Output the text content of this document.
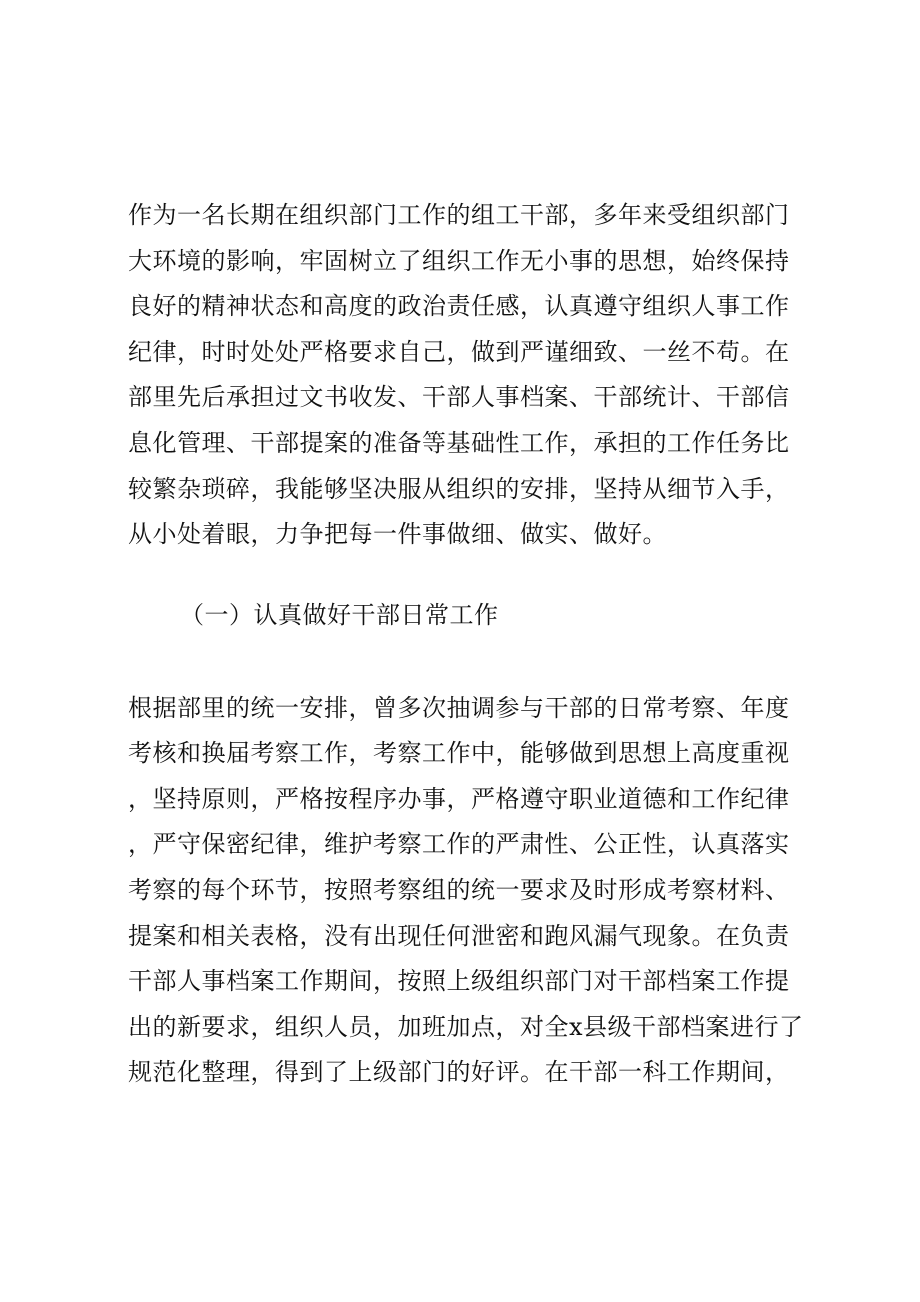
作为一名长期在组织部门工作的组工干部，多年来受组织部门
大环境的影响，牢固树立了组织工作无小事的思想，始终保持
良好的精神状态和高度的政治责任感，认真遵守组织人事工作
纪律，时时处处严格要求自己，做到严谨细致、一丝不苟。在
部里先后承担过文书收发、干部人事档案、干部统计、干部信
息化管理、干部提案的准备等基础性工作，承担的工作任务比
较繁杂琐碎，我能够坚决服从组织的安排，坚持从细节入手，
从小处着眼，力争把每一件事做细、做实、做好。
（一）认真做好干部日常工作
根据部里的统一安排，曾多次抽调参与干部的日常考察、年度
考核和换届考察工作，考察工作中，能够做到思想上高度重视
，坚持原则，严格按程序办事，严格遵守职业道德和工作纪律
，严守保密纪律，维护考察工作的严肃性、公正性，认真落实
考察的每个环节，按照考察组的统一要求及时形成考察材料、
提案和相关表格，没有出现任何泄密和跑风漏气现象。在负责
干部人事档案工作期间，按照上级组织部门对干部档案工作提
出的新要求，组织人员，加班加点，对全x县级干部档案进行了
规范化整理，得到了上级部门的好评。在干部一科工作期间，
